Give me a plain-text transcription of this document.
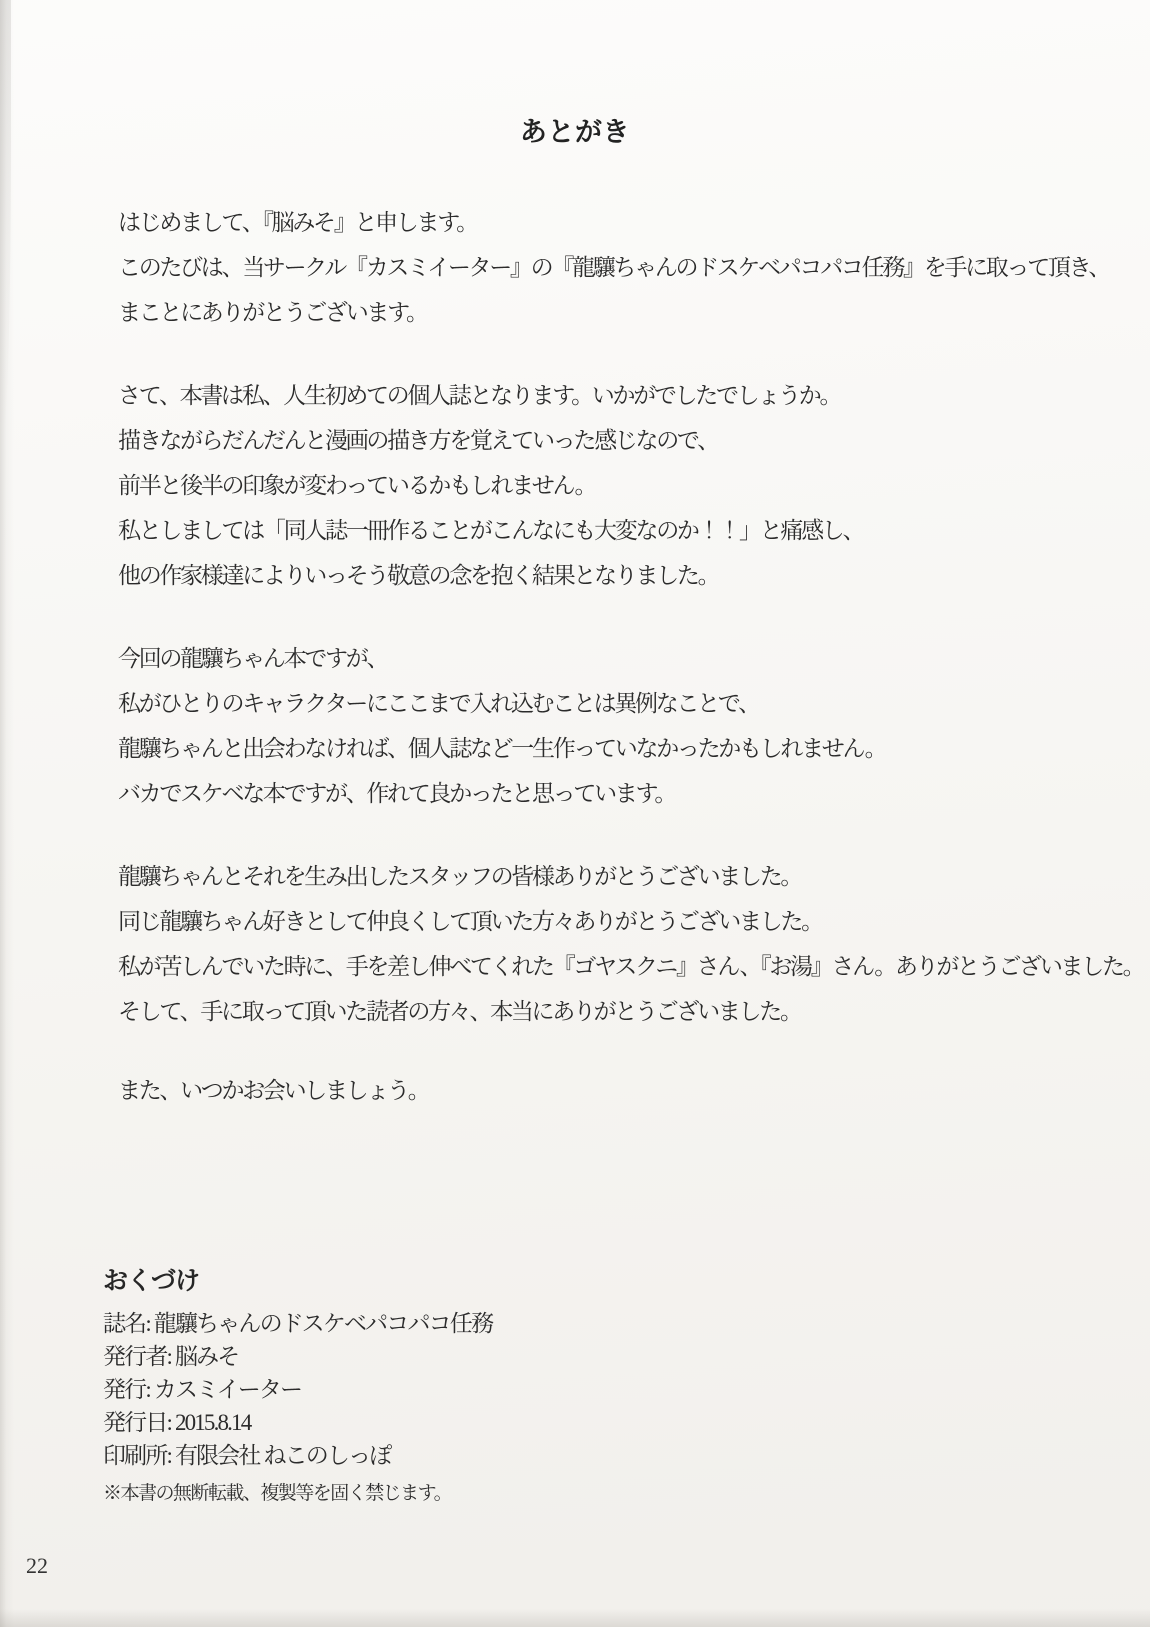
あとがき
はじめまして、『脳みそ』と申します。
このたびは、当サークル『カスミイーター』の『龍驤ちゃんのドスケベパコパコ任務』を手に取って頂き、
まことにありがとうございます。
さて、本書は私、人生初めての個人誌となります。いかがでしたでしょうか。
描きながらだんだんと漫画の描き方を覚えていった感じなので、
前半と後半の印象が変わっているかもしれません。
私としましては「同人誌一冊作ることがこんなにも大変なのか！！」と痛感し、
他の作家様達によりいっそう敬意の念を抱く結果となりました。
今回の龍驤ちゃん本ですが、
私がひとりのキャラクターにここまで入れ込むことは異例なことで、
龍驤ちゃんと出会わなければ、個人誌など一生作っていなかったかもしれません。
バカでスケベな本ですが、作れて良かったと思っています。
龍驤ちゃんとそれを生み出したスタッフの皆様ありがとうございました。
同じ龍驤ちゃん好きとして仲良くして頂いた方々ありがとうございました。
私が苦しんでいた時に、手を差し伸べてくれた『ゴヤスクニ』さん、『お湯』さん。ありがとうございました。
そして、手に取って頂いた読者の方々、本当にありがとうございました。
また、いつかお会いしましょう。
おくづけ
誌名: 龍驤ちゃんのドスケベパコパコ任務
発行者: 脳みそ
発行: カスミイーター
発行日: 2015.8.14
印刷所: 有限会社 ねこのしっぽ
※本書の無断転載、複製等を固く禁じます。
22
